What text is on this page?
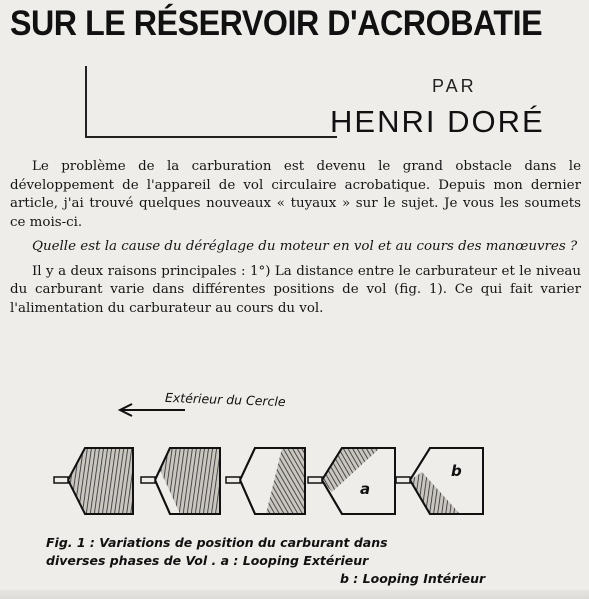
SUR LE RÉSERVOIR D'ACROBATIE
PAR
HENRI DORÉ

Le problème de la carburation est devenu le grand obstacle dans le développement de l'appareil de vol circulaire acrobatique. Depuis mon dernier article, j'ai trouvé quelques nouveaux « tuyaux » sur le sujet. Je vous les soumets ce mois-ci.

Quelle est la cause du déréglage du moteur en vol et au cours des manœuvres ?

Il y a deux raisons principales : 1°) La distance entre le carburateur et le niveau du carburant varie dans différentes positions de vol (fig. 1). Ce qui fait varier l'alimentation du carburateur au cours du vol.

Extérieur du Cercle
a
b
Fig. 1 : Variations de position du carburant dans
diverses phases de Vol . a : Looping Extérieur
b : Looping Intérieur
